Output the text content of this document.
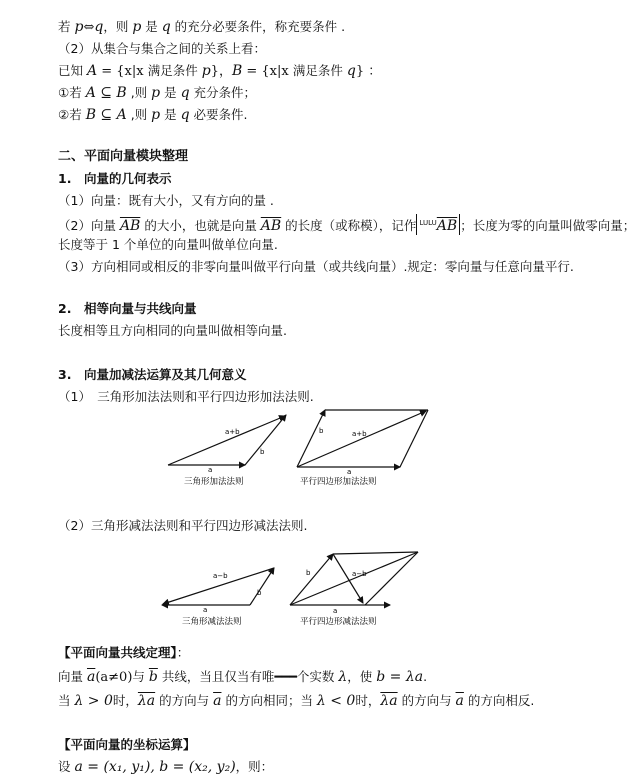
若 p⇔q，则 p 是 q 的充分必要条件，称充要条件 .
（2）从集合与集合之间的关系上看：
已知 A = {x|x 满足条件 p}，B = {x|x 满足条件 q} ：
①若 A ⊆ B ,则 p 是 q 充分条件；
②若 B ⊆ A ,则 p 是 q 必要条件.
二、平面向量模块整理
1.　向量的几何表示
（1）向量：既有大小，又有方向的量 .
（2）向量 $\overline{AB}$ 的大小，也就是向量 $\overline{AB}$ 的长度（或称模），记作 $^{LULU}\overline{AB}$ ；长度为零的向量叫做零向量；
长度等于 1 个单位的向量叫做单位向量.
（3）方向相同或相反的非零向量叫做平行向量（或共线向量）.规定：零向量与任意向量平行.
2.　相等向量与共线向量
长度相等且方向相同的向量叫做相等向量.
3.　向量加减法运算及其几何意义
（1）　三角形加法法则和平行四边形加法法则.
a
b
a+b
三角形加法法则
a
b	a+b
平行四边形加法法则
（2）三角形减法法则和平行四边形减法法则.
a
b
a−b
三角形减法法则
a
b	a−b
平行四边形减法法则
【平面向量共线定理】：
向量 $\overline{a}(a\ne 0)$与 $\overline{b}$ 共线，当且仅当有唯━━━个实数 λ，使 b = λa.
当 λ > 0时，$\overline{\lambda a}$ 的方向与 $\overline{a}$ 的方向相同；当 λ < 0时，$\overline{\lambda a}$ 的方向与 $\overline{a}$ 的方向相反.
【平面向量的坐标运算】
设 a = (x₁, y₁), b = (x₂, y₂)，则：
